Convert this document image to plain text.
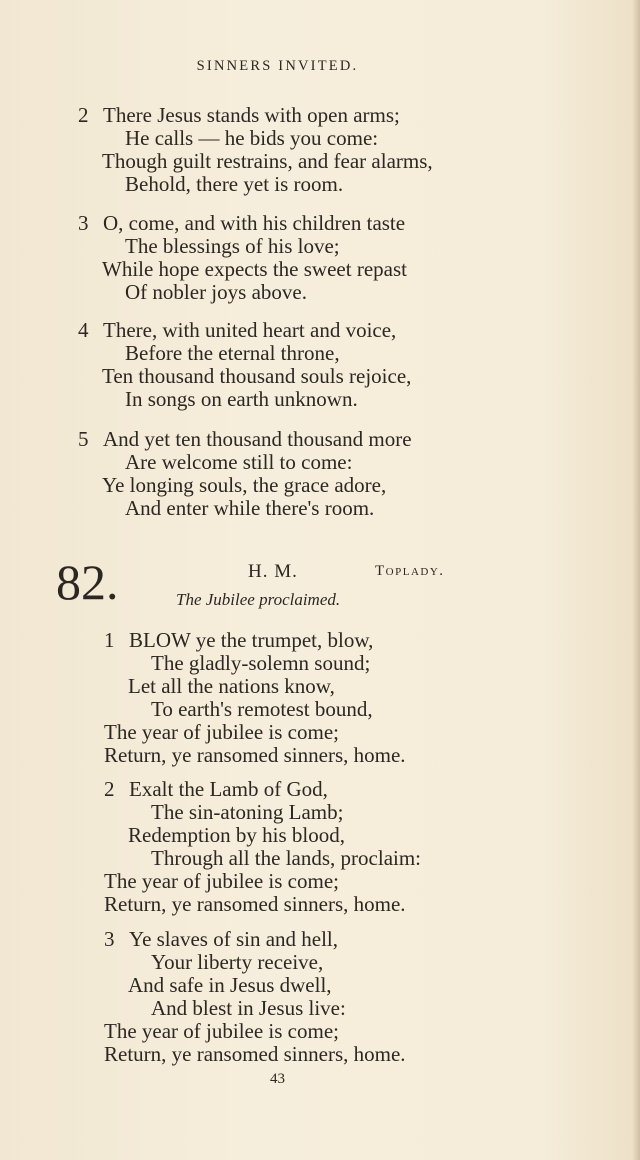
SINNERS INVITED.
2 There Jesus stands with open arms;
He calls — he bids you come:
Though guilt restrains, and fear alarms,
Behold, there yet is room.
3 O, come, and with his children taste
The blessings of his love;
While hope expects the sweet repast
Of nobler joys above.
4 There, with united heart and voice,
Before the eternal throne,
Ten thousand thousand souls rejoice,
In songs on earth unknown.
5 And yet ten thousand thousand more
Are welcome still to come:
Ye longing souls, the grace adore,
And enter while there's room.
82.	H. M.	Toplady.
The Jubilee proclaimed.
1 BLOW ye the trumpet, blow,
The gladly-solemn sound;
Let all the nations know,
To earth's remotest bound,
The year of jubilee is come;
Return, ye ransomed sinners, home.
2 Exalt the Lamb of God,
The sin-atoning Lamb;
Redemption by his blood,
Through all the lands, proclaim:
The year of jubilee is come;
Return, ye ransomed sinners, home.
3 Ye slaves of sin and hell,
Your liberty receive,
And safe in Jesus dwell,
And blest in Jesus live:
The year of jubilee is come;
Return, ye ransomed sinners, home.
43
